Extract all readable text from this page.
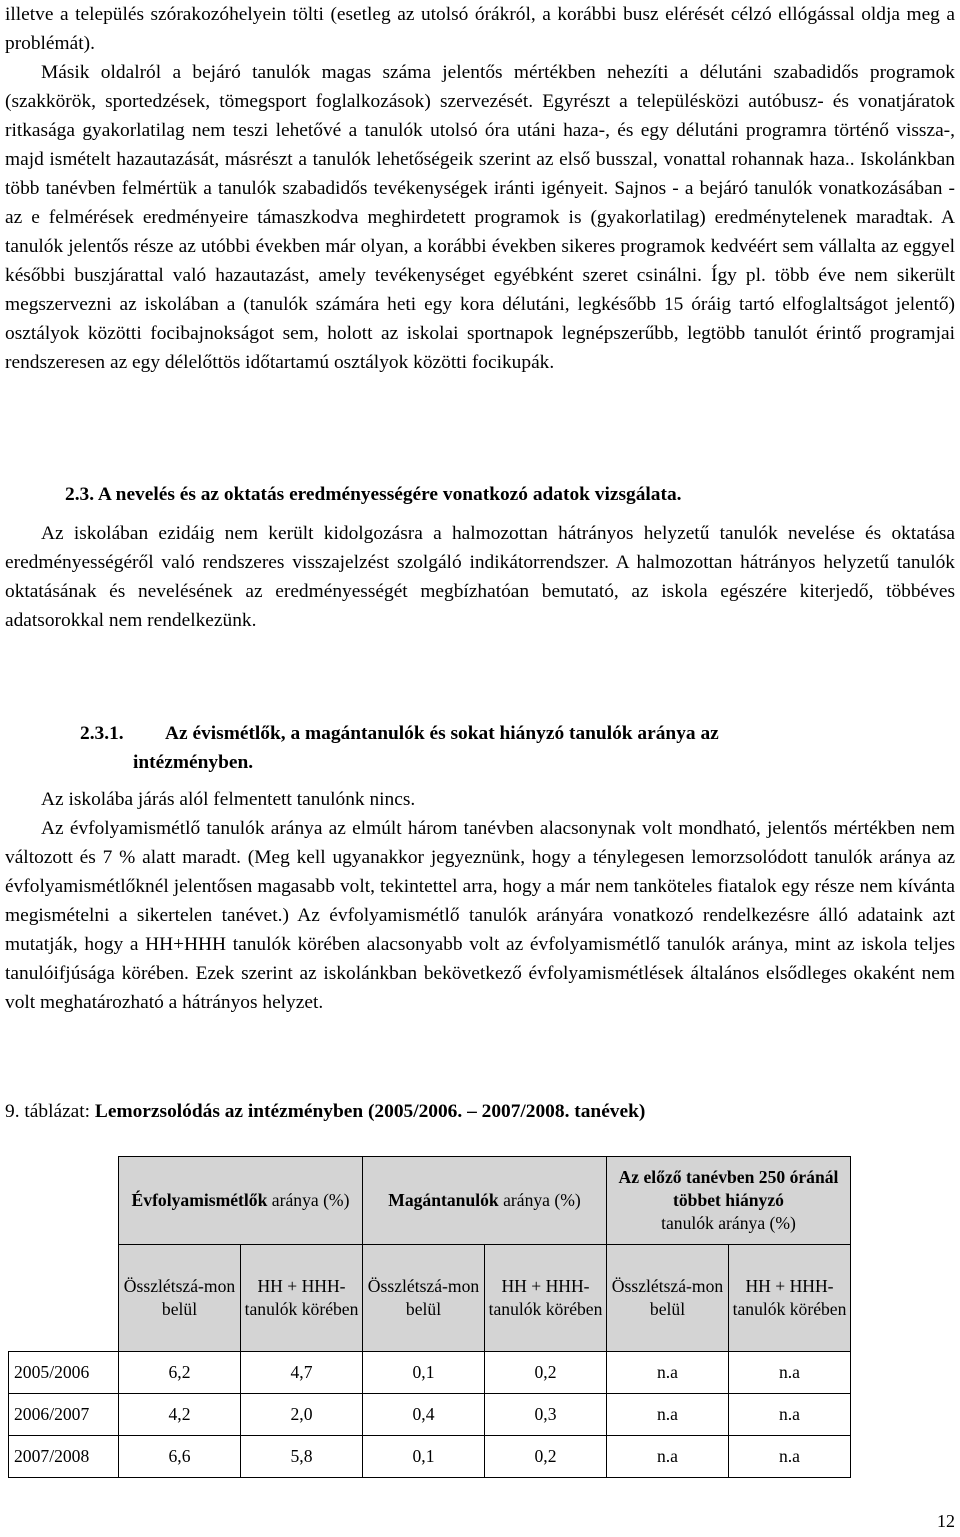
illetve a település szórakozóhelyein tölti (esetleg az utolsó órákról, a korábbi busz elérését célzó ellógással oldja meg a problémát).

Másik oldalról a bejáró tanulók magas száma jelentős mértékben nehezíti a délutáni szabadidős programok (szakkörök, sportedzések, tömegsport foglalkozások) szervezését. Egyrészt a településközi autóbusz- és vonatjáratok ritkasága gyakorlatilag nem teszi lehetővé a tanulók utolsó óra utáni haza-, és egy délutáni programra történő vissza-, majd ismételt hazautazását, másrészt a tanulók lehetőségeik szerint az első busszal, vonattal rohannak haza.. Iskolánkban több tanévben felmértük a tanulók szabadidős tevékenységek iránti igényeit. Sajnos - a bejáró tanulók vonatkozásában - az e felmérések eredményeire támaszkodva meghirdetett programok is (gyakorlatilag) eredménytelenek maradtak. A tanulók jelentős része az utóbbi években már olyan, a korábbi években sikeres programok kedvéért sem vállalta az eggyel későbbi buszjárattal való hazautazást, amely tevékenységet egyébként szeret csinálni. Így pl. több éve nem sikerült megszervezni az iskolában a (tanulók számára heti egy kora délutáni, legkésőbb 15 óráig tartó elfoglaltságot jelentő) osztályok közötti focibajnokságot sem, holott az iskolai sportnapok legnépszerűbb, legtöbb tanulót érintő programjai rendszeresen az egy délelőttös időtartamú osztályok közötti focikupák.

2.3. A nevelés és az oktatás eredményességére vonatkozó adatok vizsgálata.

Az iskolában ezidáig nem került kidolgozásra a halmozottan hátrányos helyzetű tanulók nevelése és oktatása eredményességéről való rendszeres visszajelzést szolgáló indikátorrendszer. A halmozottan hátrányos helyzetű tanulók oktatásának és nevelésének az eredményességét megbízhatóan bemutató, az iskola egészére kiterjedő, többéves adatsorokkal nem rendelkezünk.

2.3.1. Az évismétlők, a magántanulók és sokat hiányzó tanulók aránya az
intézményben.

Az iskolába járás alól felmentett tanulónk nincs.

Az évfolyamismétlő tanulók aránya az elmúlt három tanévben alacsonynak volt mondható, jelentős mértékben nem változott és 7 % alatt maradt. (Meg kell ugyanakkor jegyeznünk, hogy a ténylegesen lemorzsolódott tanulók aránya az évfolyamismétlőknél jelentősen magasabb volt, tekintettel arra, hogy a már nem tanköteles fiatalok egy része nem kívánta megismételni a sikertelen tanévet.) Az évfolyamismétlő tanulók arányára vonatkozó rendelkezésre álló adataink azt mutatják, hogy a HH+HHH tanulók körében alacsonyabb volt az évfolyamismétlő tanulók aránya, mint az iskola teljes tanulóifjúsága körében. Ezek szerint az iskolánkban bekövetkező évfolyamismétlések általános elsődleges okaként nem volt meghatározható a hátrányos helyzet.

9. táblázat: Lemorzsolódás az intézményben (2005/2006. – 2007/2008. tanévek)
	Évfolyamismétlők aránya (%)		Magántanulók aránya (%)		Az előző tanévben 250 óránál többet hiányzó
tanulók aránya (%)	
	Összlétszá-mon belül	HH + HHH-tanulók körében	Összlétszá-mon belül	HH + HHH-tanulók körében	Összlétszá-mon belül	HH + HHH-tanulók körében
2005/2006	6,2	4,7	0,1	0,2	n.a	n.a
2006/2007	4,2	2,0	0,4	0,3	n.a	n.a
2007/2008	6,6	5,8	0,1	0,2	n.a	n.a
12
